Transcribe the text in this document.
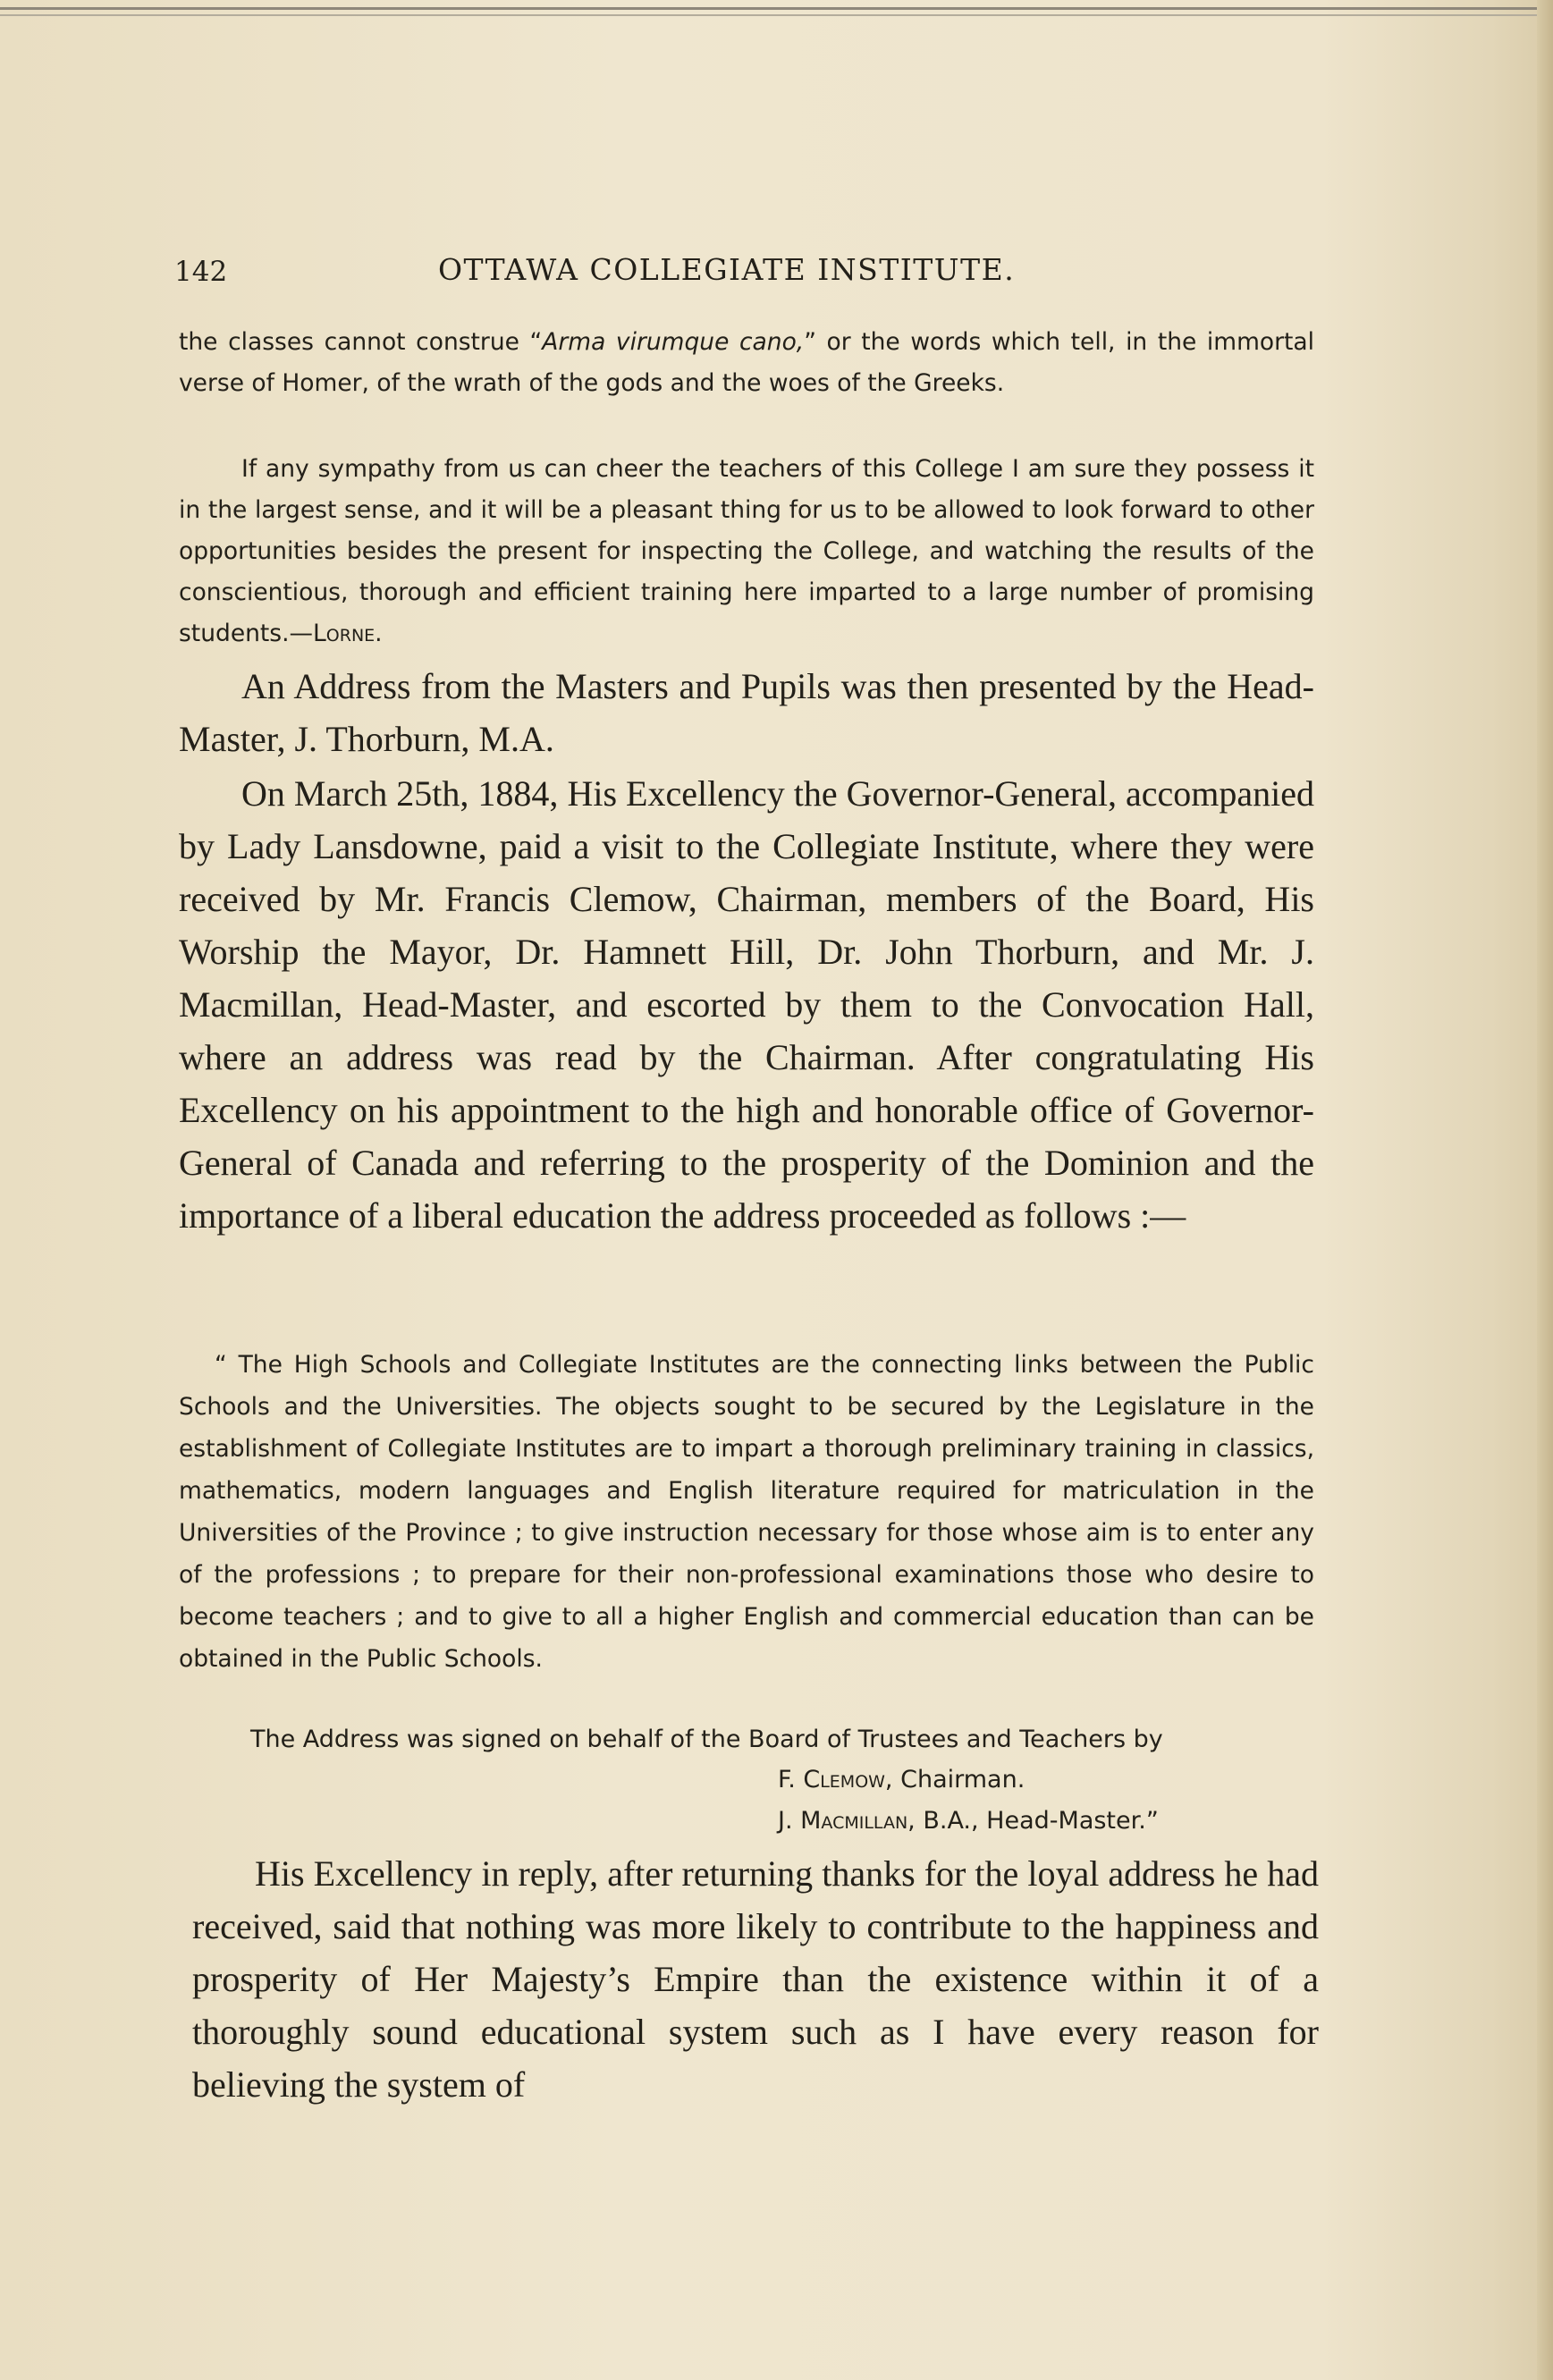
142	OTTAWA COLLEGIATE INSTITUTE.

the classes cannot construe “Arma virumque cano,” or the words which tell, in the immortal verse of Homer, of the wrath of the gods and the woes of the Greeks.

If any sympathy from us can cheer the teachers of this College I am sure they possess it in the largest sense, and it will be a pleasant thing for us to be allowed to look forward to other opportunities besides the present for inspecting the College, and watching the results of the conscientious, thorough and efficient training here imparted to a large number of promising students.—Lorne.

An Address from the Masters and Pupils was then presented by the Head-Master, J. Thorburn, M.A.

On March 25th, 1884, His Excellency the Governor-General, accompanied by Lady Lansdowne, paid a visit to the Collegiate Institute, where they were received by Mr. Francis Clemow, Chairman, members of the Board, His Worship the Mayor, Dr. Hamnett Hill, Dr. John Thorburn, and Mr. J. Macmillan, Head-Master, and escorted by them to the Convocation Hall, where an address was read by the Chairman. After congratulating His Excellency on his appointment to the high and honorable office of Governor-General of Canada and referring to the prosperity of the Dominion and the importance of a liberal education the address proceeded as follows :—

“ The High Schools and Collegiate Institutes are the connecting links between the Public Schools and the Universities. The objects sought to be secured by the Legislature in the establishment of Collegiate Institutes are to impart a thorough preliminary training in classics, mathematics, modern languages and English literature required for matriculation in the Universities of the Province ; to give instruction necessary for those whose aim is to enter any of the professions ; to prepare for their non-professional examinations those who desire to become teachers ; and to give to all a higher English and commercial education than can be obtained in the Public Schools.

The Address was signed on behalf of the Board of Trustees and Teachers by
F. Clemow, Chairman.
J. Macmillan, B.A., Head-Master.”

His Excellency in reply, after returning thanks for the loyal address he had received, said that nothing was more likely to contribute to the happiness and prosperity of Her Majesty’s Empire than the existence within it of a thoroughly sound educational system such as I have every reason for believing the system of
